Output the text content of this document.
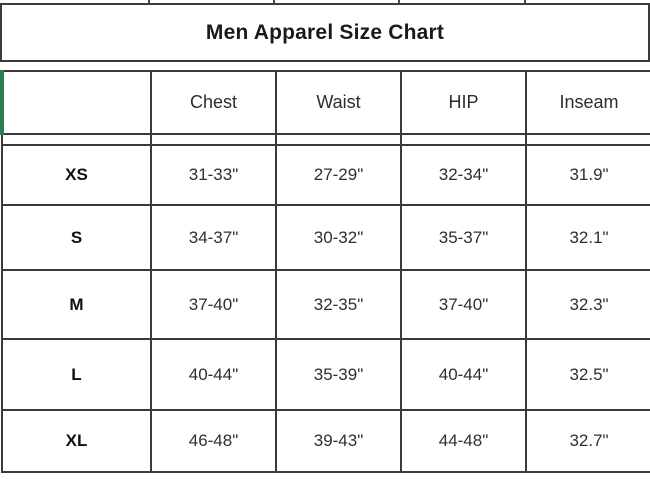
Men Apparel Size Chart
	Chest	Waist	HIP	Inseam

XS	31-33"	27-29"	32-34"	31.9"
S	34-37"	30-32"	35-37"	32.1"
M	37-40"	32-35"	37-40"	32.3"
L	40-44"	35-39"	40-44"	32.5"
XL	46-48"	39-43"	44-48"	32.7"
